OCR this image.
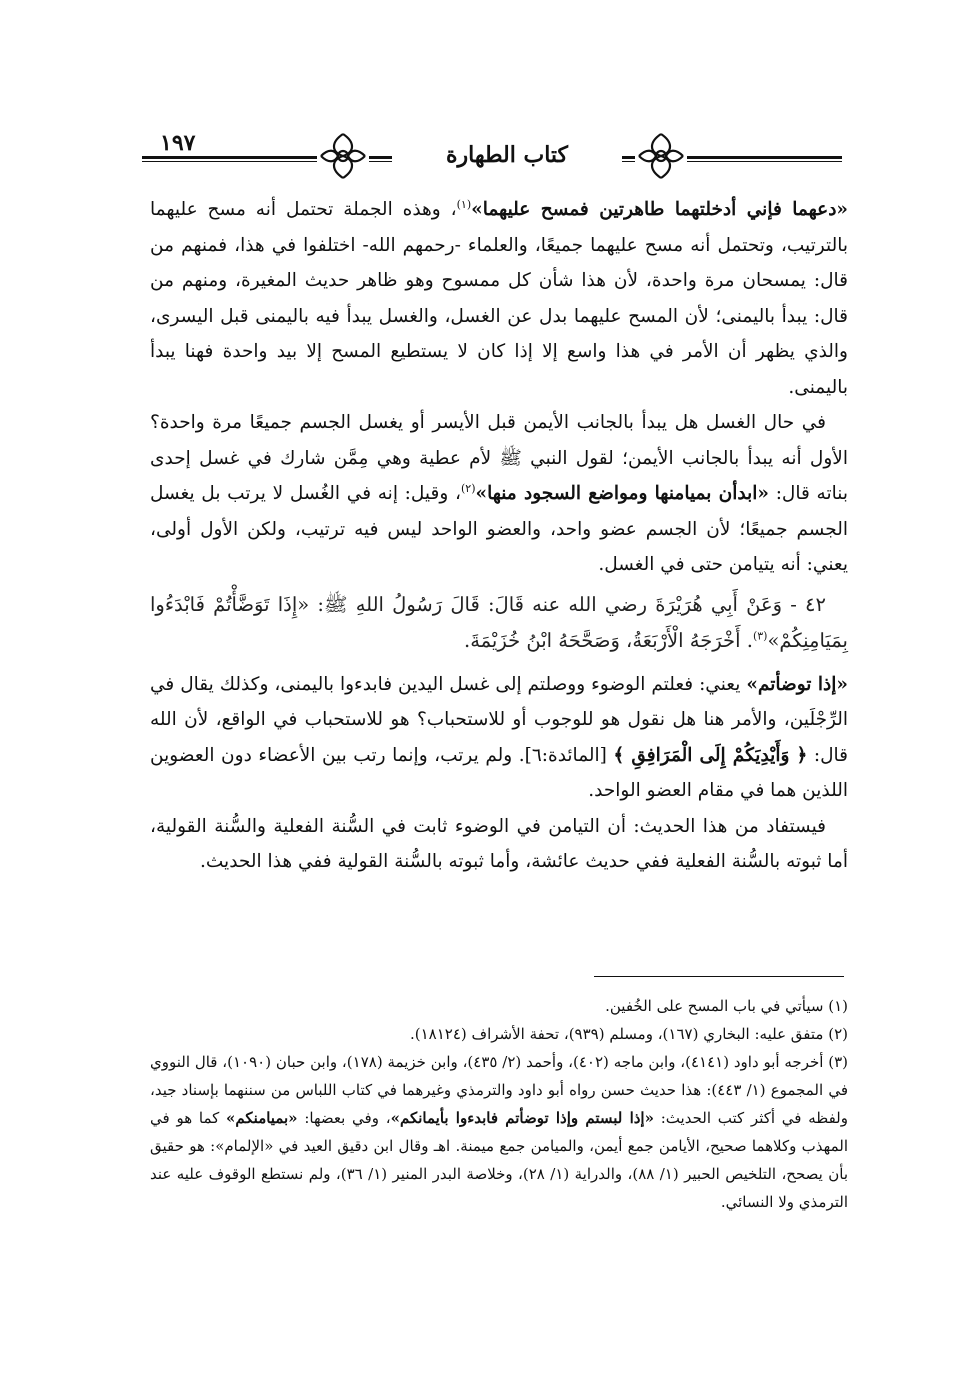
١٩٧	كتاب الطهارة

«دعهما فإني أدخلتهما طاهرتين فمسح عليهما»$^{(١)}$، وهذه الجملة تحتمل أنه مسح عليهما بالترتيب، وتحتمل أنه مسح عليهما جميعًا، والعلماء -رحمهم الله- اختلفوا في هذا، فمنهم من قال: يمسحان مرة واحدة، لأن هذا شأن كل ممسوح وهو ظاهر حديث المغيرة، ومنهم من قال: يبدأ باليمنى؛ لأن المسح عليهما بدل عن الغسل، والغسل يبدأ فيه باليمنى قبل اليسرى، والذي يظهر أن الأمر في هذا واسع إلا إذا كان لا يستطيع المسح إلا بيد واحدة فهنا يبدأ باليمنى.

في حال الغسل هل يبدأ بالجانب الأيمن قبل الأيسر أو يغسل الجسم جميعًا مرة واحدة؟ الأول أنه يبدأ بالجانب الأيمن؛ لقول النبي ﷺ لأم عطية وهي مِمَّن شارك في غسل إحدى بناته قال: «ابدأن بميامنها ومواضع السجود منها»$^{(٢)}$، وقيل: إنه في الغُسل لا يرتب بل يغسل الجسم جميعًا؛ لأن الجسم عضو واحد، والعضو الواحد ليس فيه ترتيب، ولكن الأول أولى، يعني: أنه يتيامن حتى في الغسل.

٤٢ - وَعَنْ أَبِي هُرَيْرَةَ رضي الله عنه قَالَ: قَالَ رَسُولُ اللهِ ﷺ: «إِذَا تَوَضَّأْتُمْ فَابْدَءُوا بِمَيَامِنِكُمْ»$^{(٣)}$. أَخْرَجَهُ الْأَرْبَعَةُ، وَصَحَّحَهُ ابْنُ خُزَيْمَةَ.

«إذا توضأتم» يعني: فعلتم الوضوء ووصلتم إلى غسل اليدين فابدءوا باليمنى، وكذلك يقال في الرِّجْلَين، والأمر هنا هل نقول هو للوجوب أو للاستحباب؟ هو للاستحباب في الواقع، لأن الله قال: ﴿ وَأَيْدِيَكُمْ إِلَى الْمَرَافِقِ ﴾ [المائدة:٦]. ولم يرتب، وإنما رتب بين الأعضاء دون العضوين اللذين هما في مقام العضو الواحد.

فيستفاد من هذا الحديث: أن التيامن في الوضوء ثابت في السُّنة الفعلية والسُّنة القولية، أما ثبوته بالسُّنة الفعلية ففي حديث عائشة، وأما ثبوته بالسُّنة القولية ففي هذا الحديث.

(١) سيأتي في باب المسح على الخُفين.

(٢) متفق عليه: البخاري (١٦٧)، ومسلم (٩٣٩)، تحفة الأشراف (١٨١٢٤).

(٣) أخرجه أبو داود (٤١٤١)، وابن ماجه (٤٠٢)، وأحمد (٢/ ٤٣٥)، وابن خزيمة (١٧٨)، وابن حبان (١٠٩٠)، قال النووي في المجموع (١/ ٤٤٣): هذا حديث حسن رواه أبو داود والترمذي وغيرهما في كتاب اللباس من سننهما بإسناد جيد، ولفظه في أكثر كتب الحديث: «إذا لبستم وإذا توضأتم فابدءوا بأيمانكم»، وفي بعضها: «بميامنكم» كما هو في المهذب وكلاهما صحيح، الأيامن جمع أيمن، والميامن جمع ميمنة. اهـ وقال ابن دقيق العيد في «الإلمام»: هو حقيق بأن يصحح، التلخيص الحبير (١/ ٨٨)، والدراية (١/ ٢٨)، وخلاصة البدر المنير (١/ ٣٦)، ولم نستطع الوقوف عليه عند الترمذي ولا النسائي.
